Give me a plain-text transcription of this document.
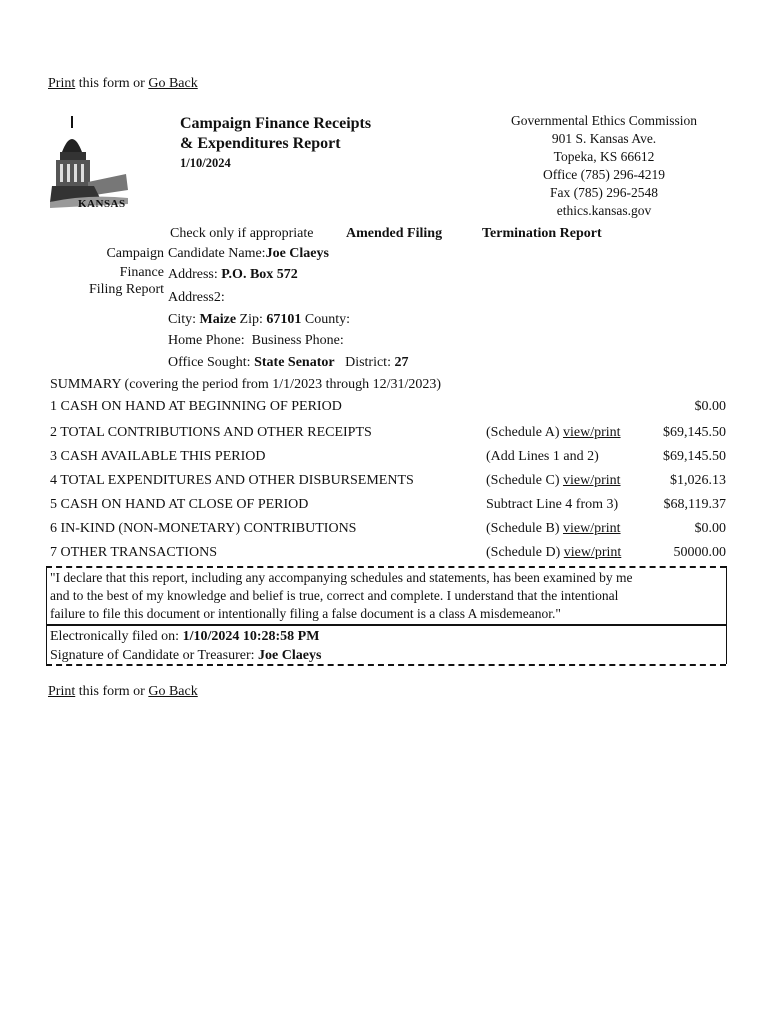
Print this form or Go Back
KANSAS
Campaign Finance Receipts
& Expenditures Report
1/10/2024
Governmental Ethics Commission
901 S. Kansas Ave.
Topeka, KS 66612
Office (785) 296-4219
Fax (785) 296-2548
ethics.kansas.gov
Check only if appropriate Amended Filing	Termination Report
Campaign
Finance
Filing Report
Candidate Name:Joe Claeys
Address: P.O. Box 572
Address2:
City: Maize Zip: 67101 County:
Home Phone: Business Phone:
Office Sought: State Senator District: 27
SUMMARY (covering the period from 1/1/2023 through 12/31/2023)
1 CASH ON HAND AT BEGINNING OF PERIOD	$0.00
2 TOTAL CONTRIBUTIONS AND OTHER RECEIPTS	(Schedule A) view/print	$69,145.50
3 CASH AVAILABLE THIS PERIOD	(Add Lines 1 and 2)	$69,145.50
4 TOTAL EXPENDITURES AND OTHER DISBURSEMENTS	(Schedule C) view/print	$1,026.13
5 CASH ON HAND AT CLOSE OF PERIOD	Subtract Line 4 from 3)	$68,119.37
6 IN-KIND (NON-MONETARY) CONTRIBUTIONS	(Schedule B) view/print	$0.00
7 OTHER TRANSACTIONS	(Schedule D) view/print	50000.00
"I declare that this report, including any accompanying schedules and statements, has been examined by me
and to the best of my knowledge and belief is true, correct and complete. I understand that the intentional
failure to file this document or intentionally filing a false document is a class A misdemeanor."
Electronically filed on: 1/10/2024 10:28:58 PM
Signature of Candidate or Treasurer: Joe Claeys
Print this form or Go Back
